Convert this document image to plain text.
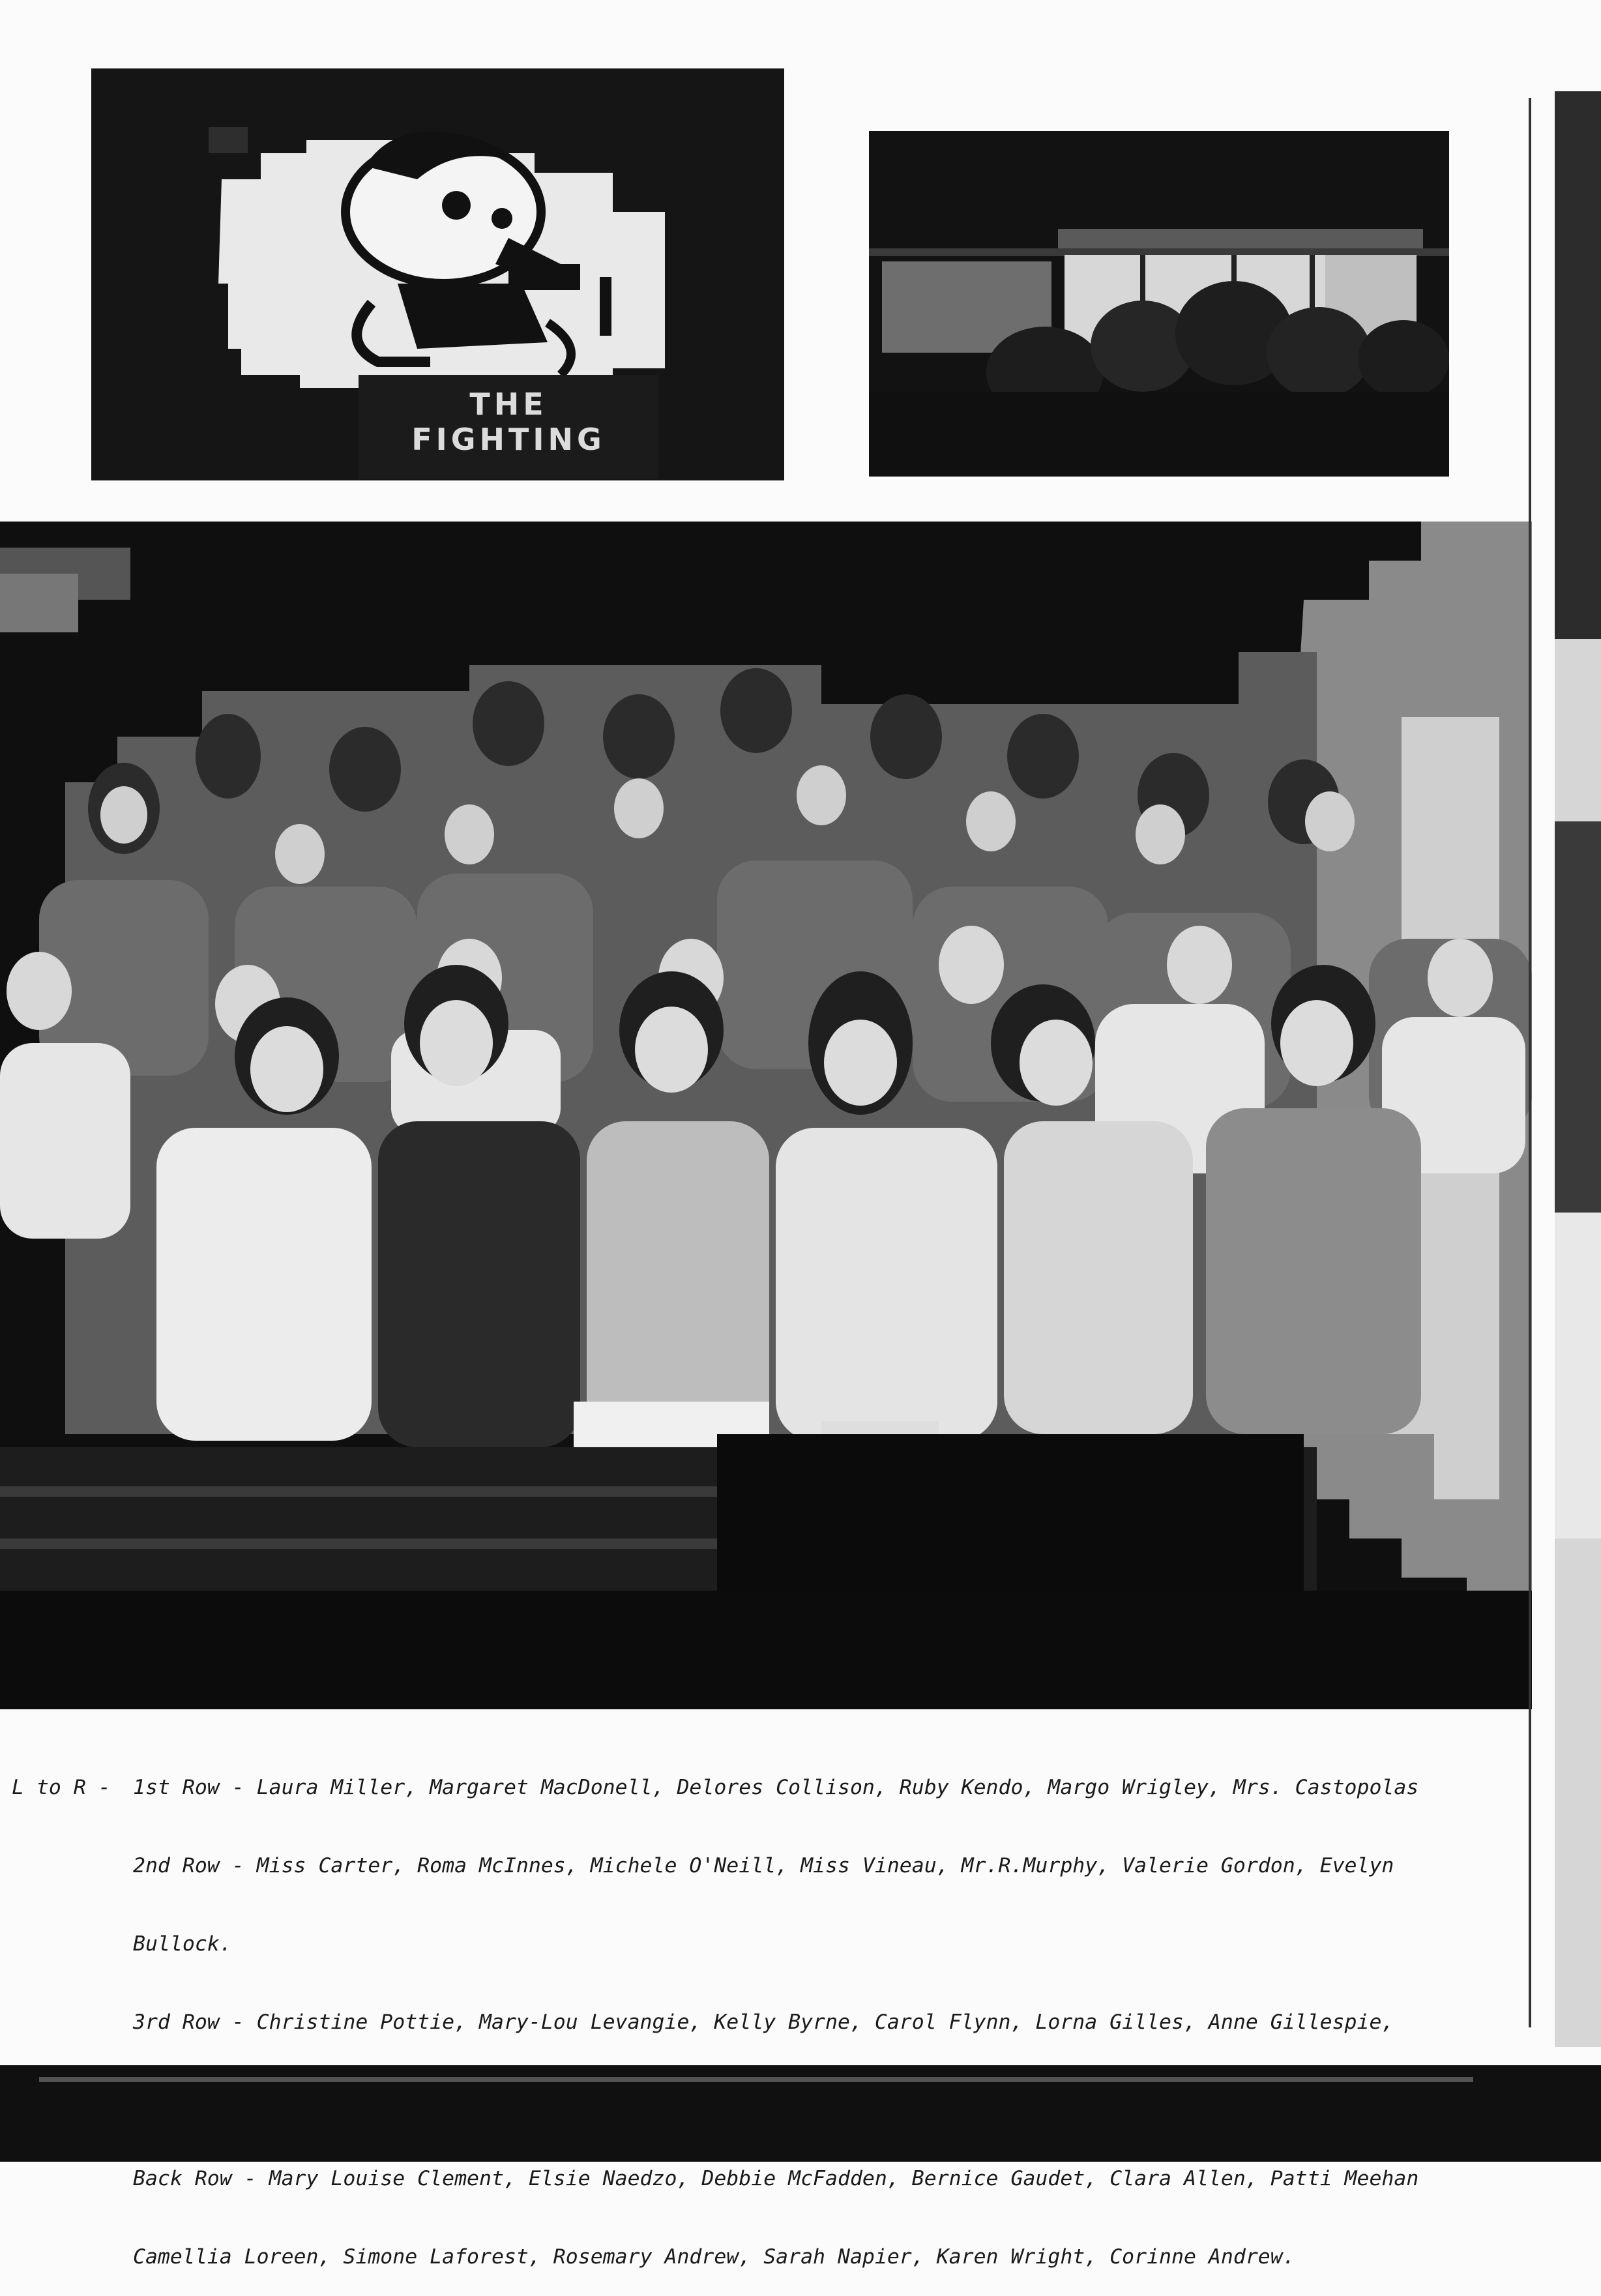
THE FIGHTING

L to R - 1st Row - Laura Miller, Margaret MacDonell, Delores Collison, Ruby Kendo, Margo Wrigley, Mrs. Castopolas

2nd Row - Miss Carter, Roma McInnes, Michele O'Neill, Miss Vineau, Mr.R.Murphy, Valerie Gordon, Evelyn

Bullock.

3rd Row - Christine Pottie, Mary-Lou Levangie, Kelly Byrne, Carol Flynn, Lorna Gilles, Anne Gillespie,

Back Row - Mary Louise Clement, Elsie Naedzo, Debbie McFadden, Bernice Gaudet, Clara Allen, Patti Meehan

Camellia Loreen, Simone Laforest, Rosemary Andrew, Sarah Napier, Karen Wright, Corinne Andrew.
